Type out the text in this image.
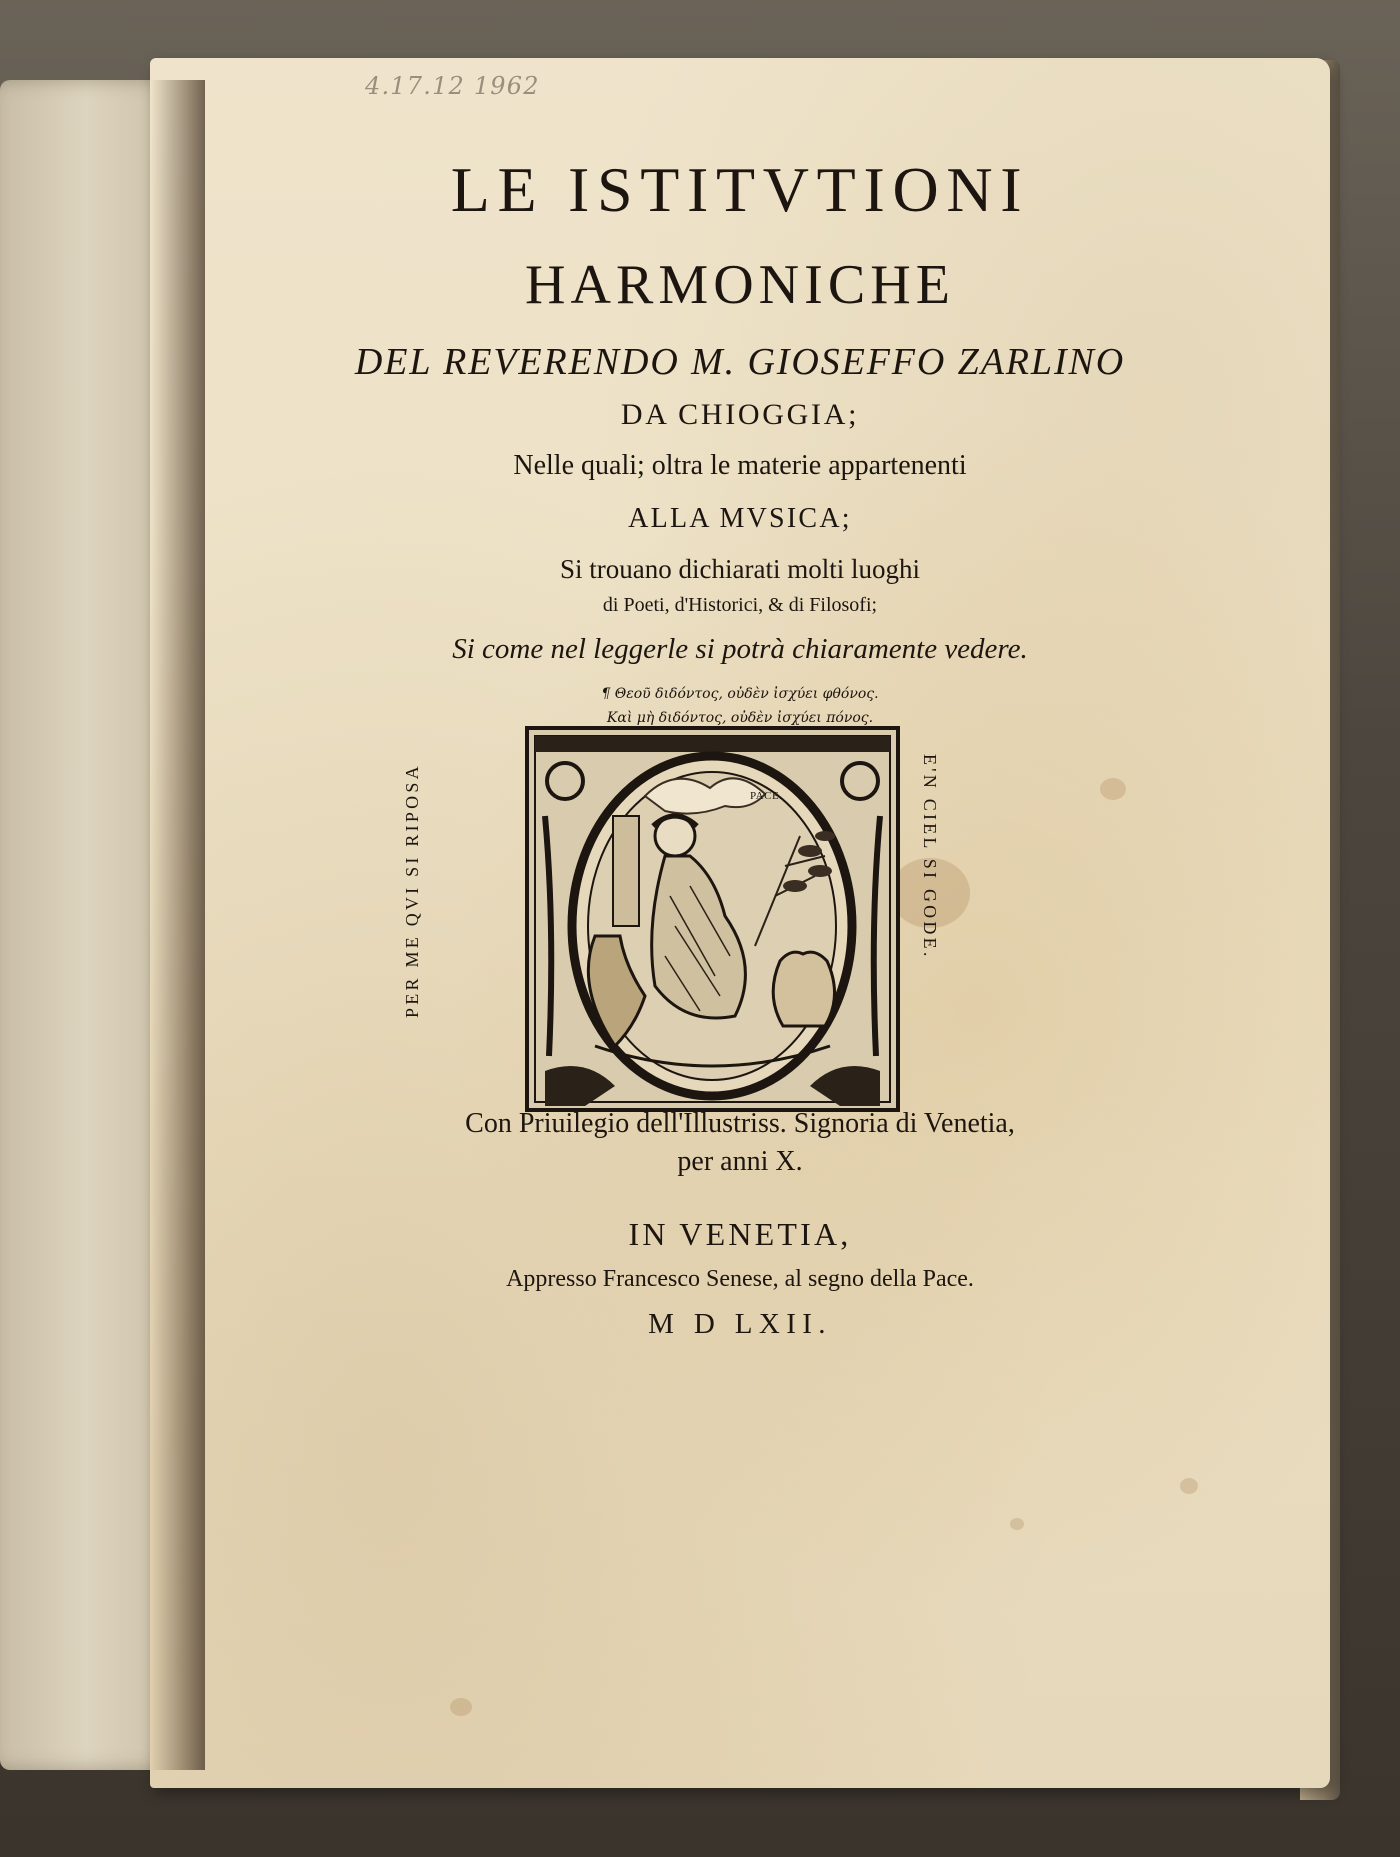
4.17.12 1962
LE ISTITVTIONI
HARMONICHE
DEL REVERENDO M. GIOSEFFO ZARLINO
DA CHIOGGIA;
Nelle quali; oltra le materie appartenenti
ALLA MVSICA;
Si trouano dichiarati molti luoghi
di Poeti, d'Historici, & di Filosofi;
Si come nel leggerle si potrà chiaramente vedere.
¶ Θεοῦ διδόντος, οὐδὲν ἰσχύει φθόνος.
Καὶ μὴ διδόντος, οὐδὲν ἰσχύει πόνος.
PACE.
PER ME QVI SI RIPOSA	E'N CIEL SI GODE.
Con Priuilegio dell'Illustriss. Signoria di Venetia,
per anni X.
IN VENETIA,
Appresso Francesco Senese, al segno della Pace.
M D LXII.
